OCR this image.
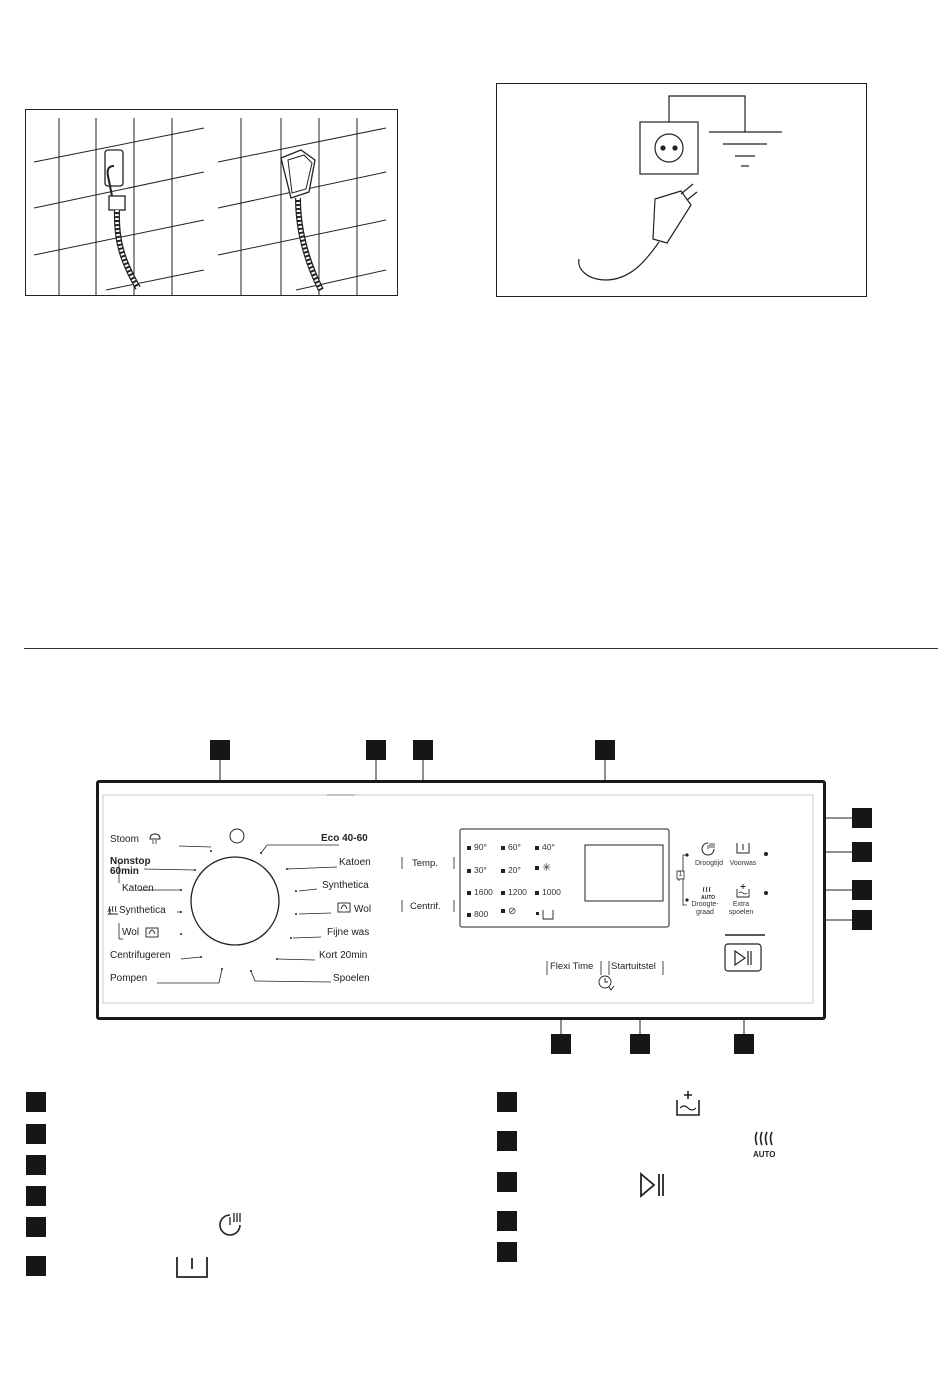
Stoom
Nonstop
60min
Katoen
ﾀ Synthetica
Wol
Centrifugeren
Pompen
Eco 40-60
Katoen
Synthetica
Wol
Fijne was
Kort 20min
Spoelen
Temp.
Centrif.
90°	60°	40°
30°	20°	✳
1600	1200	1000
800	⊘
Droogtijd Voorwas
AUTO
Droogte- graad
Extra spoelen
1
Flexi Time Startuitstel
AUTO
